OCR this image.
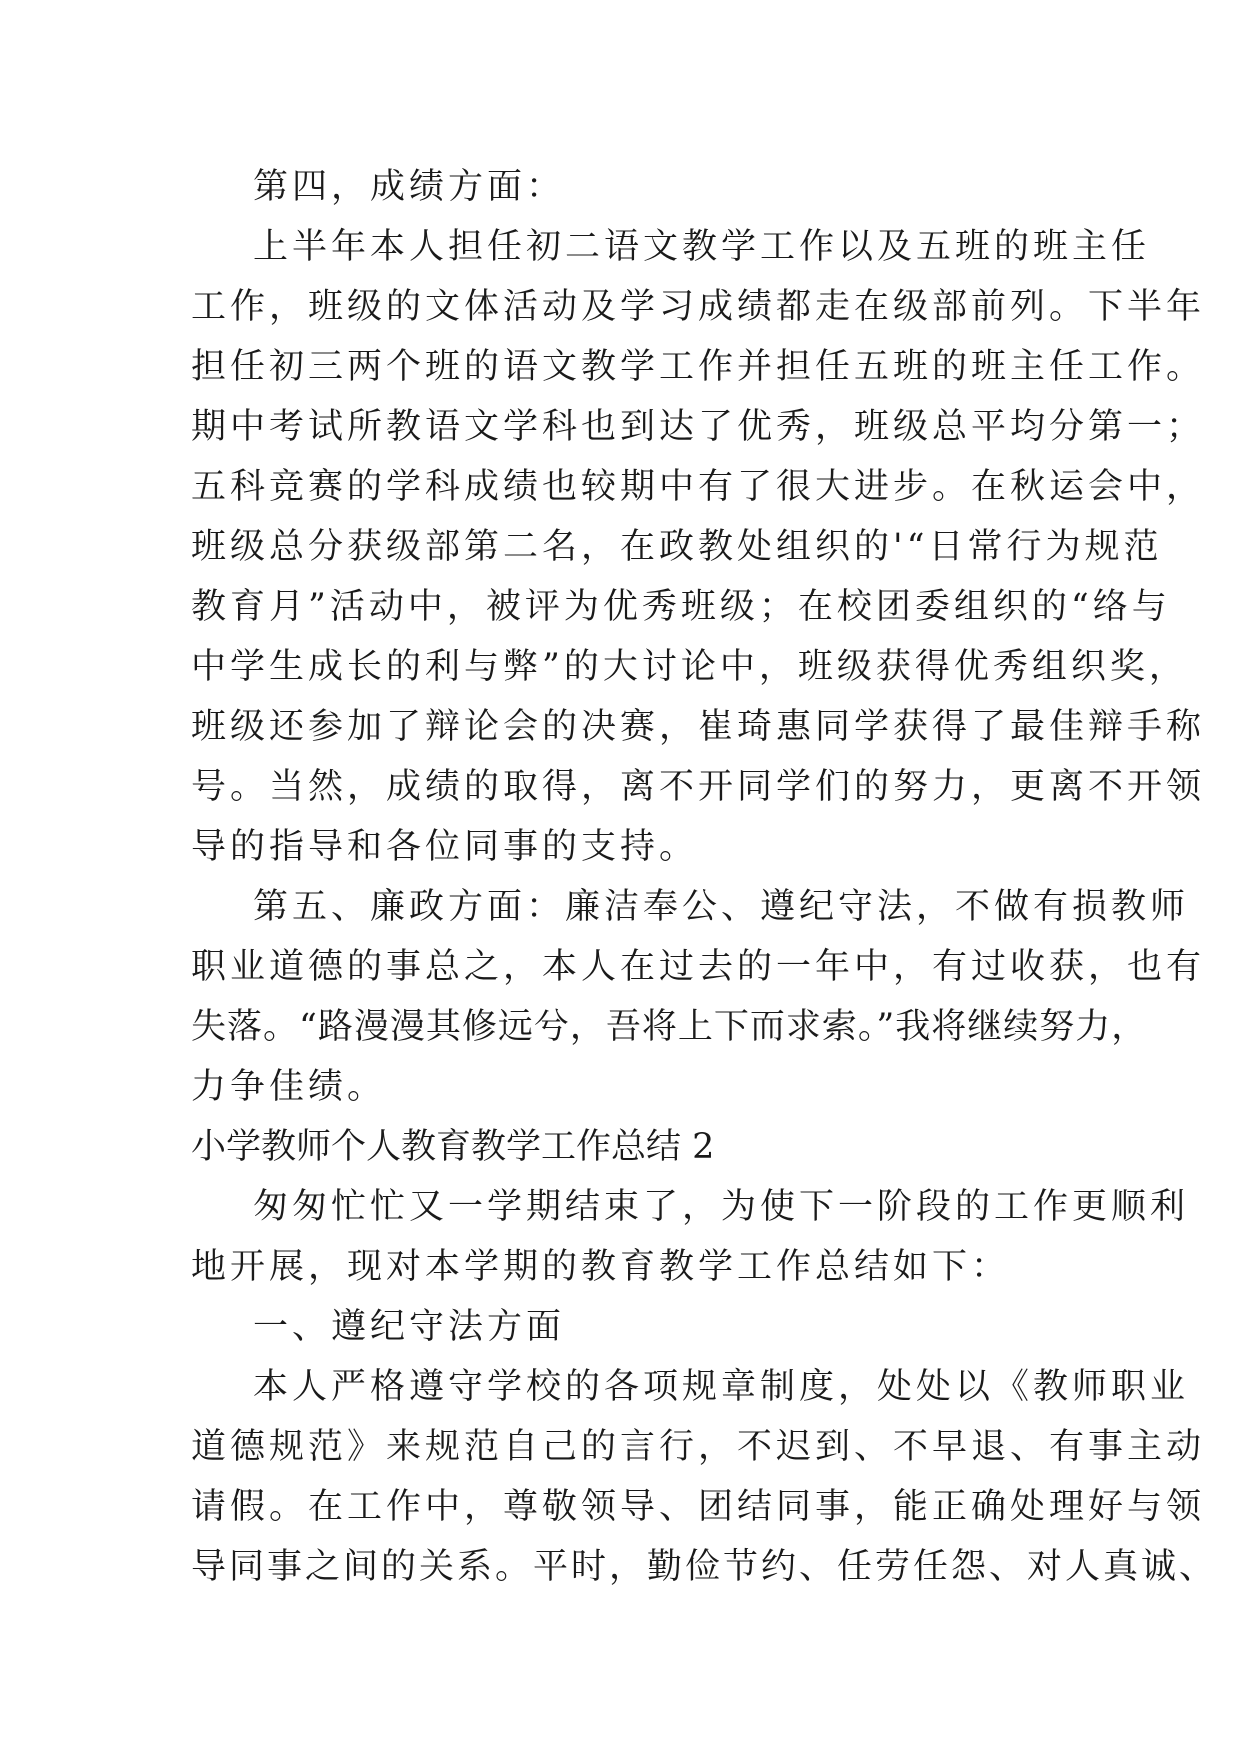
第四，成绩方面：
上半年本人担任初二语文教学工作以及五班的班主任
工作，班级的文体活动及学习成绩都走在级部前列。下半年
担任初三两个班的语文教学工作并担任五班的班主任工作。
期中考试所教语文学科也到达了优秀，班级总平均分第一；
五科竞赛的学科成绩也较期中有了很大进步。在秋运会中，
班级总分获级部第二名，在政教处组织的'“日常行为规范
教育月”活动中，被评为优秀班级；在校团委组织的“络与
中学生成长的利与弊”的大讨论中，班级获得优秀组织奖，
班级还参加了辩论会的决赛，崔琦惠同学获得了最佳辩手称
号。当然，成绩的取得，离不开同学们的努力，更离不开领
导的指导和各位同事的支持。
第五、廉政方面：廉洁奉公、遵纪守法，不做有损教师
职业道德的事总之，本人在过去的一年中，有过收获，也有
失落。“路漫漫其修远兮，吾将上下而求索。”我将继续努力，
力争佳绩。
小学教师个人教育教学工作总结 2
匆匆忙忙又一学期结束了，为使下一阶段的工作更顺利
地开展，现对本学期的教育教学工作总结如下：
一、遵纪守法方面
本人严格遵守学校的各项规章制度，处处以《教师职业
道德规范》来规范自己的言行，不迟到、不早退、有事主动
请假。在工作中，尊敬领导、团结同事，能正确处理好与领
导同事之间的关系。平时，勤俭节约、任劳任怨、对人真诚、
